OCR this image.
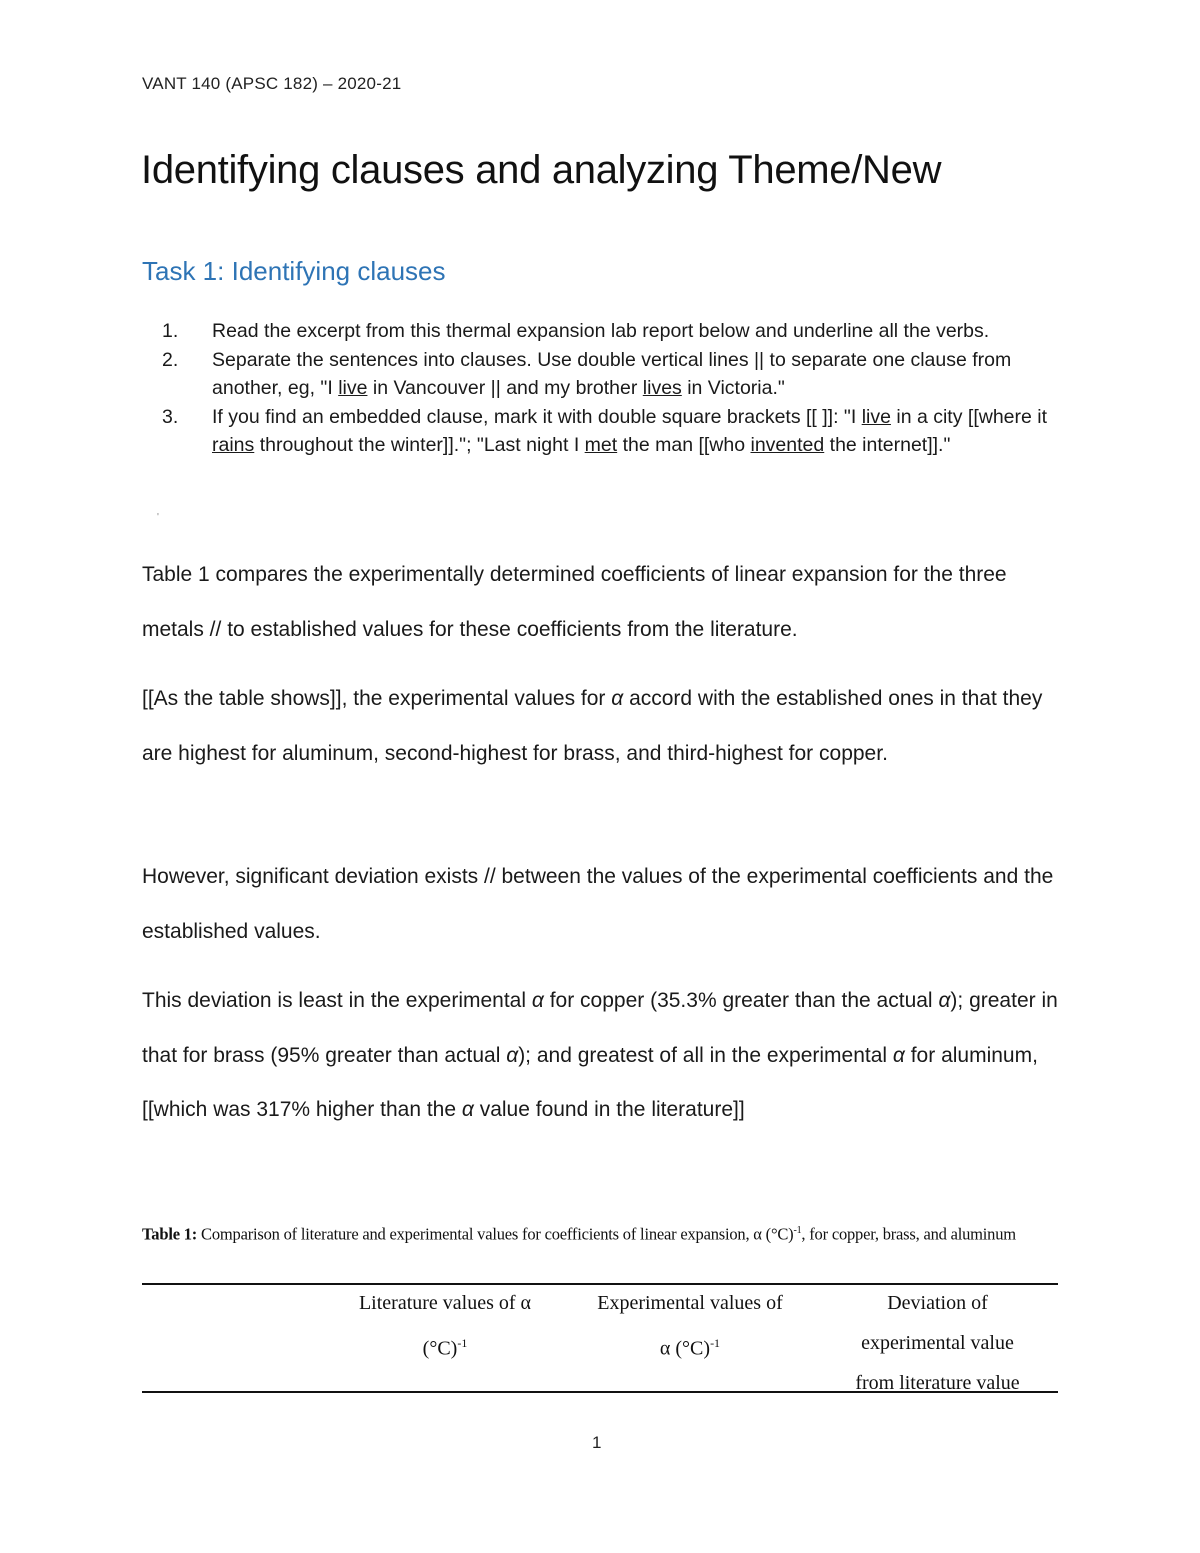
VANT 140 (APSC 182) – 2020-21
Identifying clauses and analyzing Theme/New
Task 1: Identifying clauses
1. Read the excerpt from this thermal expansion lab report below and underline all the verbs.
2. Separate the sentences into clauses. Use double vertical lines || to separate one clause from another, eg, "I live in Vancouver || and my brother lives in Victoria."
3. If you find an embedded clause, mark it with double square brackets [[ ]]: "I live in a city [[where it rains throughout the winter]]."; "Last night I met the man [[who invented the internet]]."
'
Table 1 compares the experimentally determined coefficients of linear expansion for the three metals // to established values for these coefficients from the literature.
[[As the table shows]], the experimental values for α accord with the established ones in that they are highest for aluminum, second-highest for brass, and third-highest for copper.
However, significant deviation exists // between the values of the experimental coefficients and the established values.
This deviation is least in the experimental α for copper (35.3% greater than the actual α); greater in that for brass (95% greater than actual α); and greatest of all in the experimental α for aluminum, [[which was 317% higher than the α value found in the literature]]
Table 1: Comparison of literature and experimental values for coefficients of linear expansion, α $(^\circ C)^{-1}$, for copper, brass, and aluminum
Literature values of α
$(^\circ C)^{-1}$
Experimental values of
α $(^\circ C)^{-1}$
Deviation of
experimental value
from literature value
1
